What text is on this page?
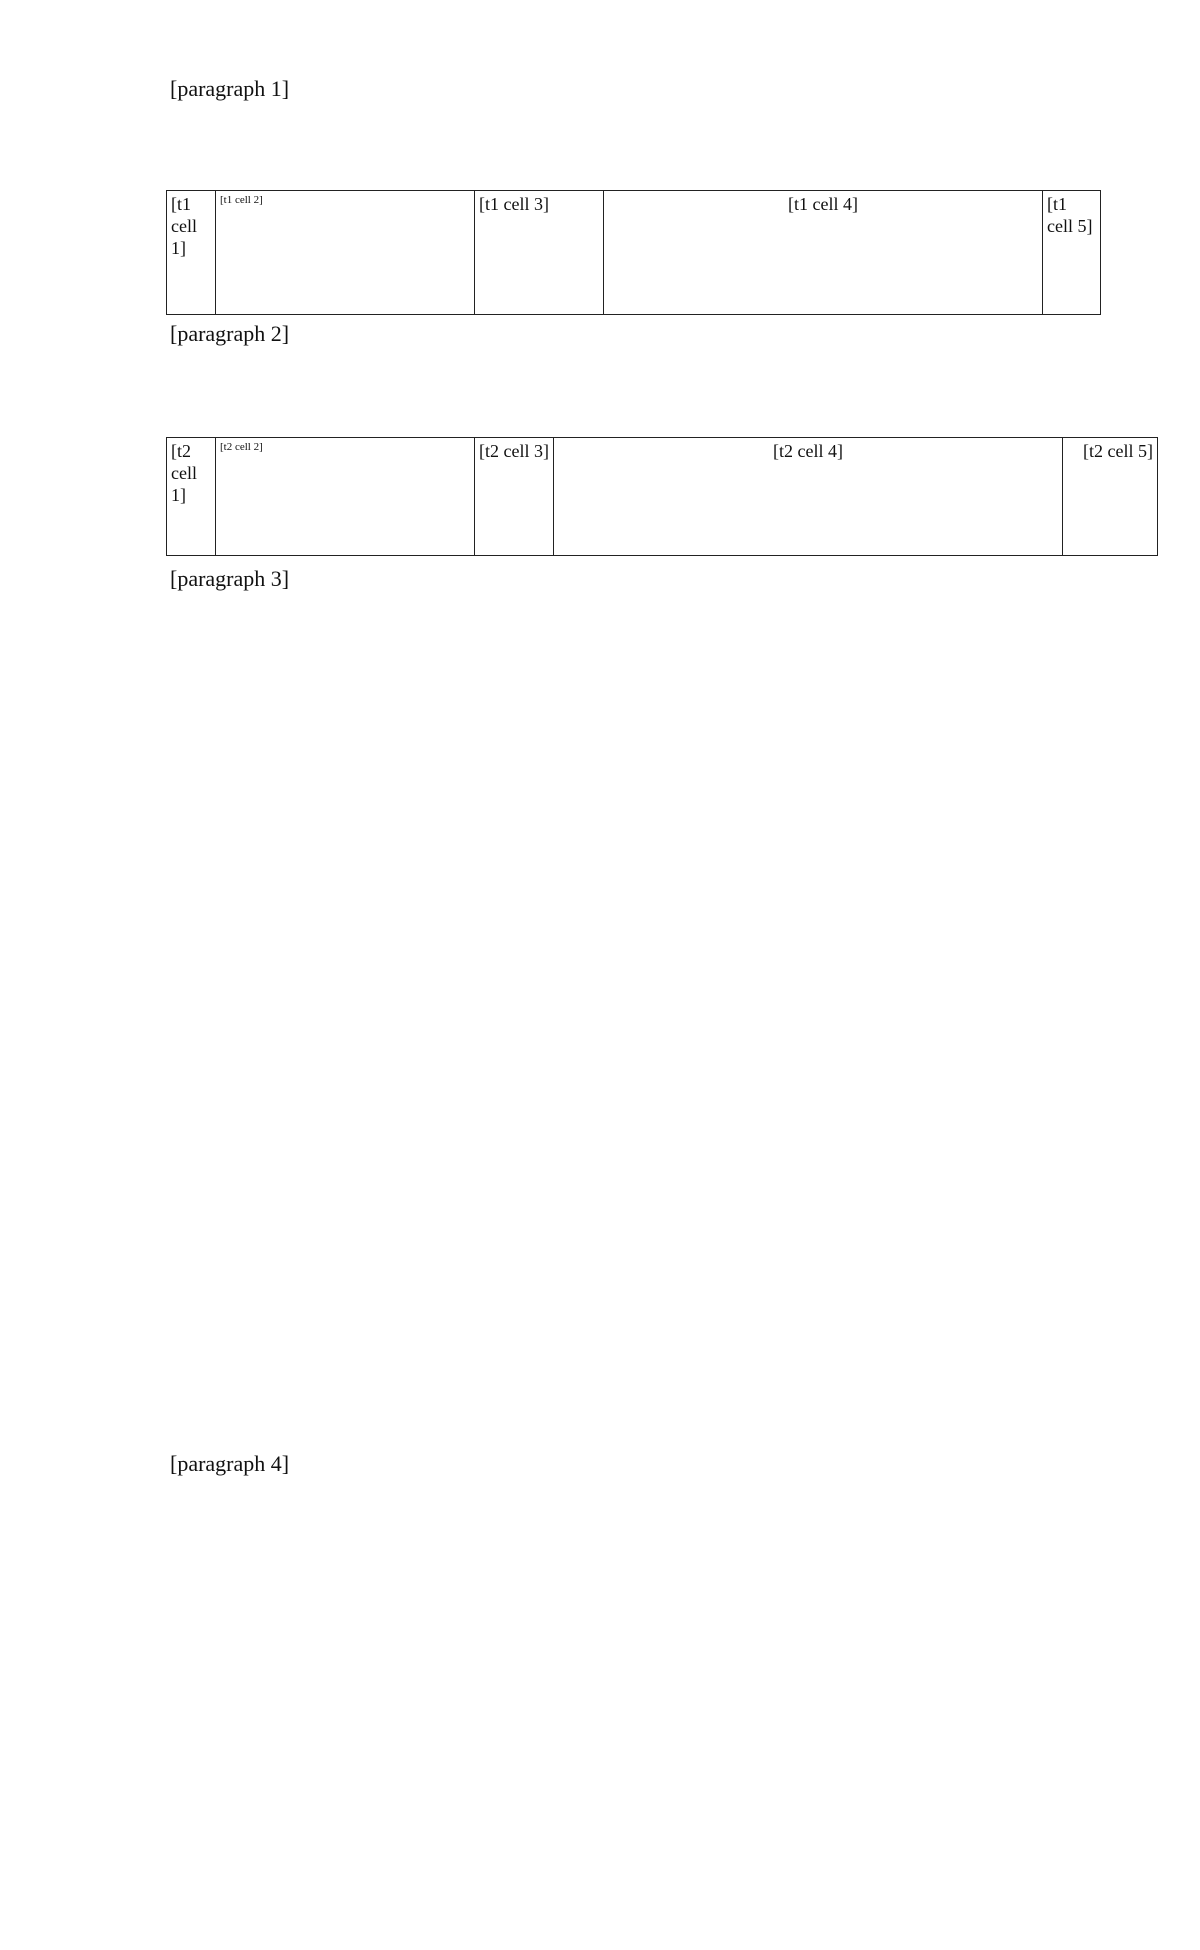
[paragraph 1]

[t1 cell 1]	[t1 cell 2]	[t1 cell 3]	[t1 cell 4]	[t1 cell 5]

[paragraph 2]

[t2 cell 1]	[t2 cell 2]	[t2 cell 3]	[t2 cell 4]	[t2 cell 5]

[paragraph 3]

[paragraph 4]
